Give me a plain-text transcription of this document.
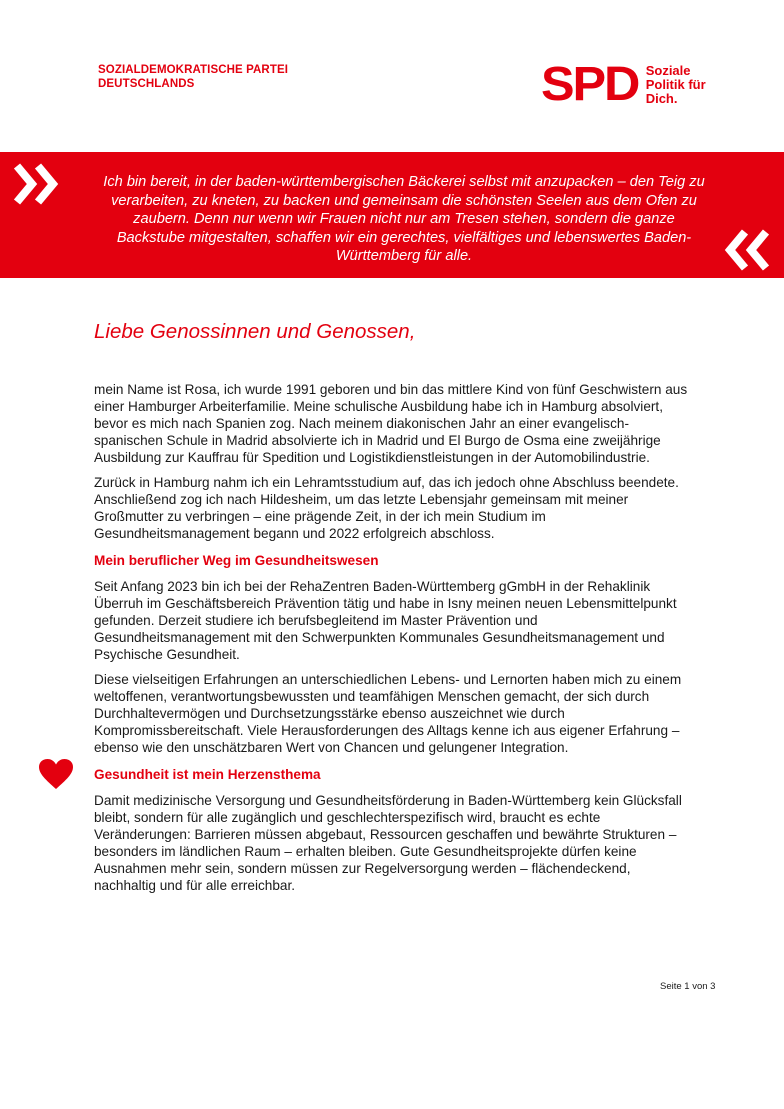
SOZIALDEMOKRATISCHE PARTEI
DEUTSCHLANDS	SPD Soziale
Politik für
Dich.
Ich bin bereit, in der baden-württembergischen Bäckerei selbst mit anzupacken – den Teig zu verarbeiten, zu kneten, zu backen und gemeinsam die schönsten Seelen aus dem Ofen zu zaubern. Denn nur wenn wir Frauen nicht nur am Tresen stehen, sondern die ganze Backstube mitgestalten, schaffen wir ein gerechtes, vielfältiges und lebenswertes Baden-Württemberg für alle.
Liebe Genossinnen und Genossen,

mein Name ist Rosa, ich wurde 1991 geboren und bin das mittlere Kind von fünf Geschwistern aus einer Hamburger Arbeiterfamilie. Meine schulische Ausbildung habe ich in Hamburg absolviert, bevor es mich nach Spanien zog. Nach meinem diakonischen Jahr an einer evangelisch-spanischen Schule in Madrid absolvierte ich in Madrid und El Burgo de Osma eine zweijährige Ausbildung zur Kauffrau für Spedition und Logistikdienstleistungen in der Automobilindustrie.

Zurück in Hamburg nahm ich ein Lehramtsstudium auf, das ich jedoch ohne Abschluss beendete. Anschließend zog ich nach Hildesheim, um das letzte Lebensjahr gemeinsam mit meiner Großmutter zu verbringen – eine prägende Zeit, in der ich mein Studium im Gesundheitsmanagement begann und 2022 erfolgreich abschloss.

Mein beruflicher Weg im Gesundheitswesen

Seit Anfang 2023 bin ich bei der RehaZentren Baden-Württemberg gGmbH in der Rehaklinik Überruh im Geschäftsbereich Prävention tätig und habe in Isny meinen neuen Lebensmittelpunkt gefunden. Derzeit studiere ich berufsbegleitend im Master Prävention und Gesundheitsmanagement mit den Schwerpunkten Kommunales Gesundheitsmanagement und Psychische Gesundheit.

Diese vielseitigen Erfahrungen an unterschiedlichen Lebens- und Lernorten haben mich zu einem weltoffenen, verantwortungsbewussten und teamfähigen Menschen gemacht, der sich durch Durchhaltevermögen und Durchsetzungsstärke ebenso auszeichnet wie durch Kompromissbereitschaft. Viele Herausforderungen des Alltags kenne ich aus eigener Erfahrung – ebenso wie den unschätzbaren Wert von Chancen und gelungener Integration.

Gesundheit ist mein Herzensthema

Damit medizinische Versorgung und Gesundheitsförderung in Baden-Württemberg kein Glücksfall bleibt, sondern für alle zugänglich und geschlechterspezifisch wird, braucht es echte Veränderungen: Barrieren müssen abgebaut, Ressourcen geschaffen und bewährte Strukturen – besonders im ländlichen Raum – erhalten bleiben. Gute Gesundheitsprojekte dürfen keine Ausnahmen mehr sein, sondern müssen zur Regelversorgung werden – flächendeckend, nachhaltig und für alle erreichbar.

Seite 1 von 3
